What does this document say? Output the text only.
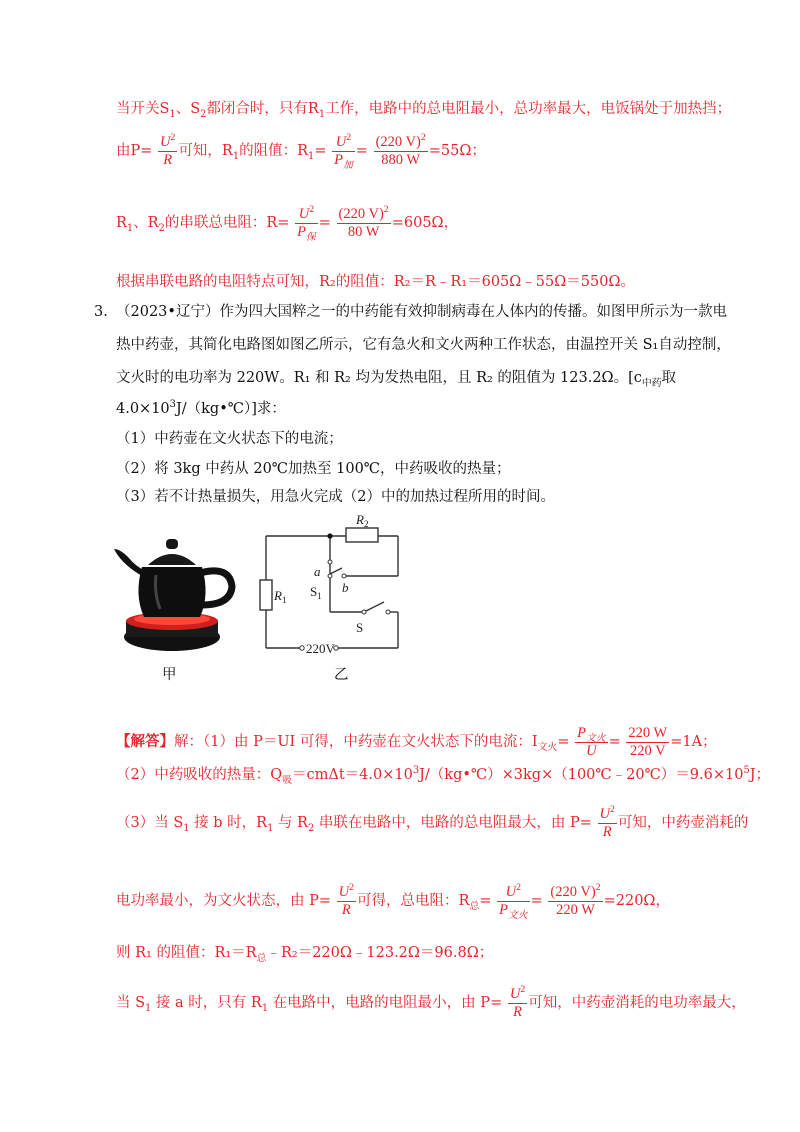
当开关$S_1$、$S_2$都闭合时，只有$R_1$工作，电路中的总电阻最小，总功率最大，电饭锅处于加热挡；
由$P= \frac{U^2}{R}$ 可知，$R_1$的阻值：$R_1= \frac{U^2}{P_加} = \frac{(220 V)^2}{880 W} =55\Omega$；
$R_1$、$R_2$的串联总电阻：$R= \frac{U^2}{P_保} = \frac{(220 V)^2}{80 W} =605\Omega$，
根据串联电路的电阻特点可知，R₂的阻值：R₂＝R﹣R₁＝605Ω﹣55Ω＝550Ω。
3. （2023•辽宁）作为四大国粹之一的中药能有效抑制病毒在人体内的传播。如图甲所示为一款电
热中药壶，其简化电路图如图乙所示，它有急火和文火两种工作状态，由温控开关 S₁自动控制，
文火时的电功率为 220W。R₁ 和 R₂ 均为发热电阻，且 R₂ 的阻值为 123.2Ω。[$c_{中药}$取
$4.0\times 10^3J/(kg•℃)$]求：
（1）中药壶在文火状态下的电流；
（2）将 3kg 中药从 20℃加热至 100℃，中药吸收的热量；
（3）若不计热量损失，用急火完成（2）中的加热过程所用的时间。
$R_2$
$R_1$
a
b
$S_1$
S
220V
甲	乙
【解答】解：（1）由 P＝UI 可得，中药壶在文火状态下的电流：$I_{文火}= \frac{P_{文火}}{U} = \frac{220 W}{220 V} =1A$；
（2）中药吸收的热量：$Q_吸=cm\Delta t=4.0\times 10^3J/(kg•℃)\times 3kg\times(100℃﹣20℃)=9.6\times 10^5J$；
（3）当 $S_1$ 接 b 时，$R_1$ 与 $R_2$ 串联在电路中，电路的总电阻最大，由 $P= \frac{U^2}{R}$ 可知，中药壶消耗的
电功率最小，为文火状态，由 $P= \frac{U^2}{R}$ 可得，总电阻：$R_总= \frac{U^2}{P_{文火}} = \frac{(220 V)^2}{220 W} =220\Omega$，
则 R₁ 的阻值：$R_1=R_总﹣R_2=220\Omega﹣123.2\Omega=96.8\Omega$；
当 $S_1$ 接 a 时，只有 $R_1$ 在电路中，电路的电阻最小，由 $P= \frac{U^2}{R}$ 可知，中药壶消耗的电功率最大，
